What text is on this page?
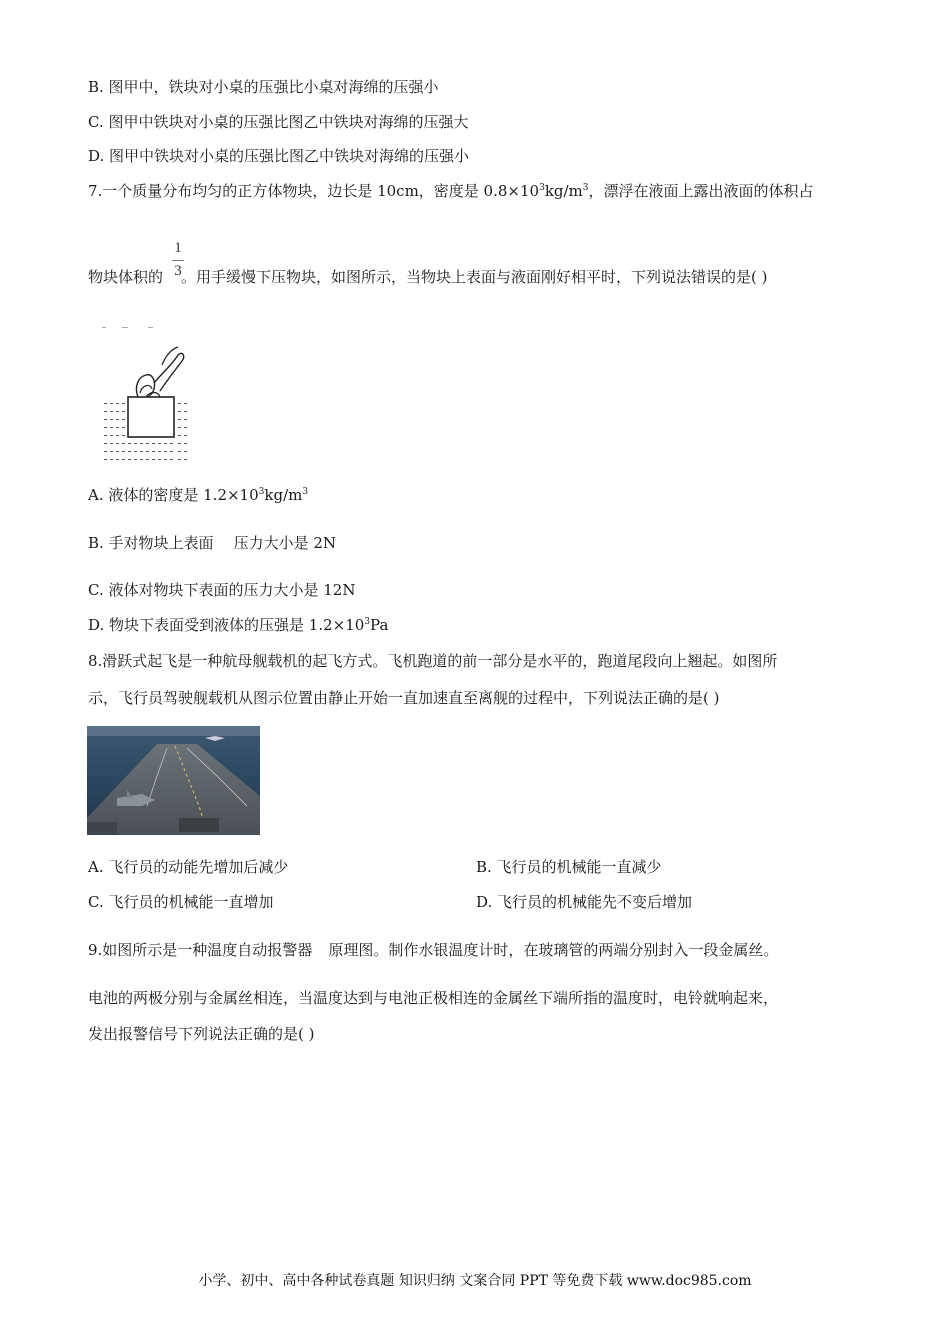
B. 图甲中，铁块对小桌的压强比小桌对海绵的压强小
C. 图甲中铁块对小桌的压强比图乙中铁块对海绵的压强大
D. 图甲中铁块对小桌的压强比图乙中铁块对海绵的压强小
7.一个质量分布均匀的正方体物块，边长是 10cm，密度是 $0.8\times 10^3kg/m^3$，漂浮在液面上露出液面的体积占
1
3
物块体积的 。用手缓慢下压物块，如图所示，当物块上表面与液面刚好相平时，下列说法错误的是( )
A. 液体的密度是 $1.2\times 10^3kg/m^3$
B. 手对物块上表面 压力大小是 2N
C. 液体对物块下表面的压力大小是 12N
D. 物块下表面受到液体的压强是 $1.2\times 10^3Pa$
8.滑跃式起飞是一种航母舰载机的起飞方式。飞机跑道的前一部分是水平的，跑道尾段向上翘起。如图所
示，飞行员驾驶舰载机从图示位置由静止开始一直加速直至离舰的过程中，下列说法正确的是( )
A. 飞行员的动能先增加后减少	B. 飞行员的机械能一直减少
C. 飞行员的机械能一直增加	D. 飞行员的机械能先不变后增加
9.如图所示是一种温度自动报警器 原理图。制作水银温度计时，在玻璃管的两端分别封入一段金属丝。
电池的两极分别与金属丝相连，当温度达到与电池正极相连的金属丝下端所指的温度时，电铃就响起来，
发出报警信号下列说法正确的是( )
小学、初中、高中各种试卷真题 知识归纳 文案合同 PPT 等免费下载 www.doc985.com
